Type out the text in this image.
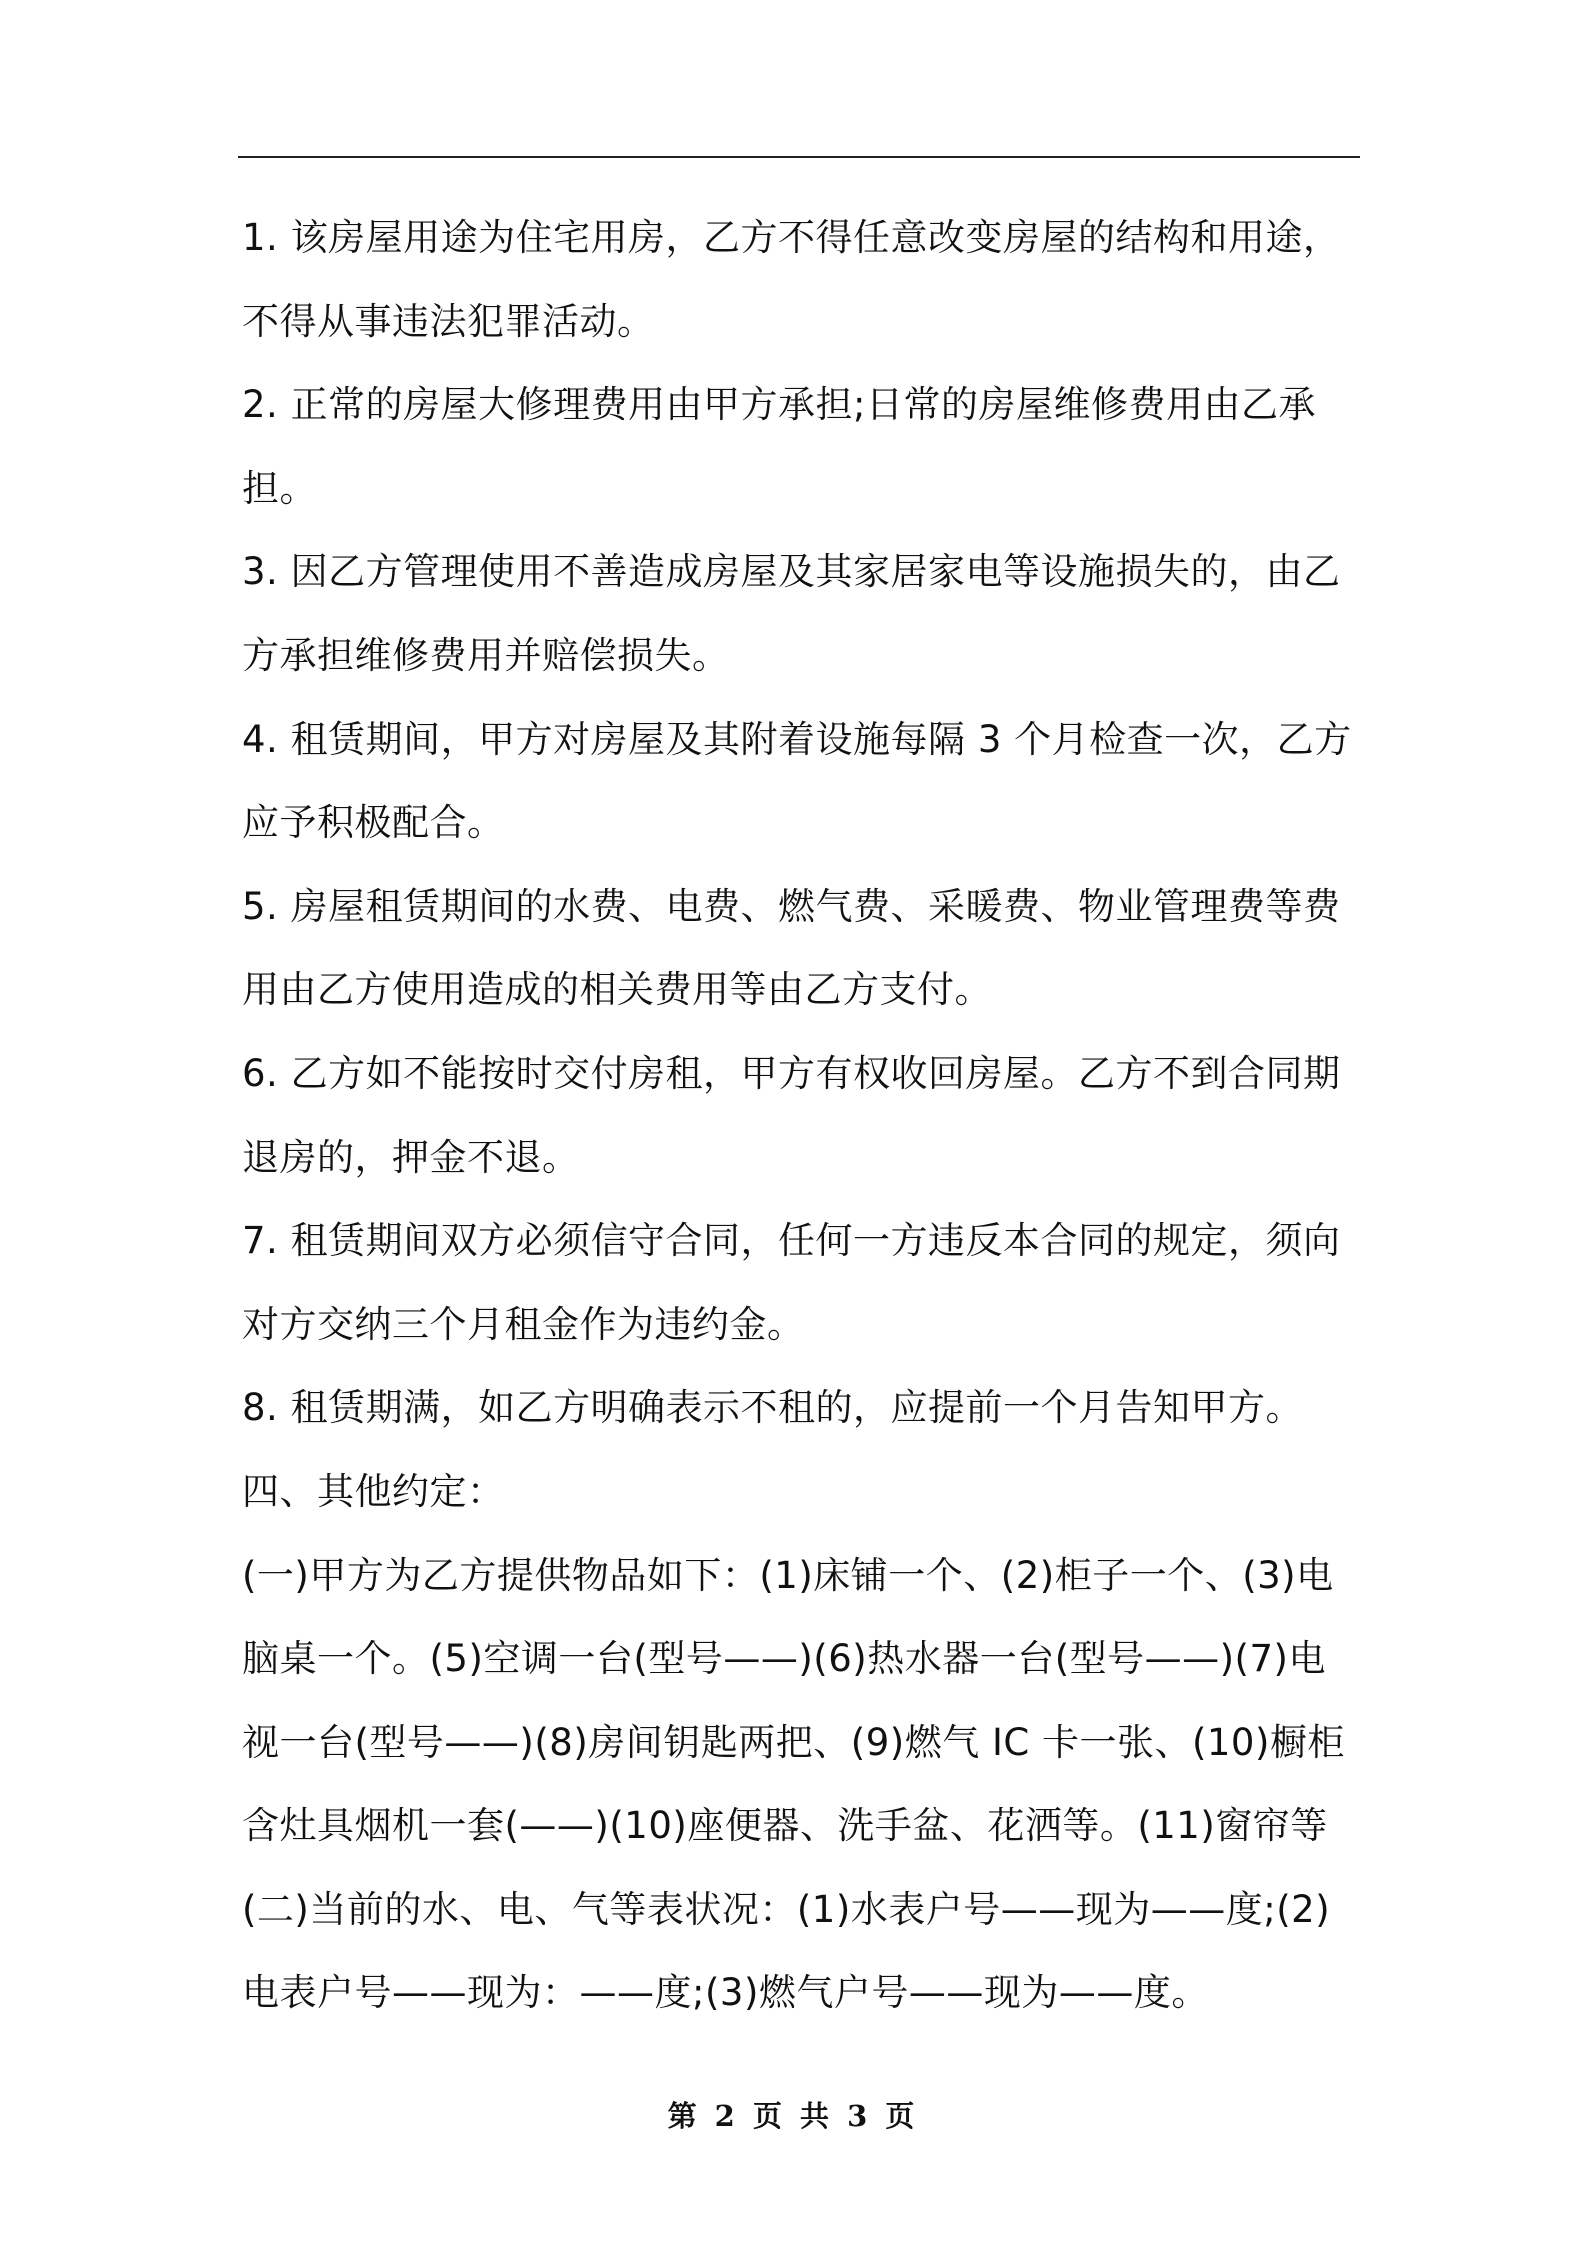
1. 该房屋用途为住宅用房，乙方不得任意改变房屋的结构和用途，不得从事违法犯罪活动。

2. 正常的房屋大修理费用由甲方承担;日常的房屋维修费用由乙承担。

3. 因乙方管理使用不善造成房屋及其家居家电等设施损失的，由乙方承担维修费用并赔偿损失。

4. 租赁期间，甲方对房屋及其附着设施每隔 3 个月检查一次，乙方应予积极配合。

5. 房屋租赁期间的水费、电费、燃气费、采暖费、物业管理费等费用由乙方使用造成的相关费用等由乙方支付。

6. 乙方如不能按时交付房租，甲方有权收回房屋。乙方不到合同期退房的，押金不退。

7. 租赁期间双方必须信守合同，任何一方违反本合同的规定，须向对方交纳三个月租金作为违约金。

8. 租赁期满，如乙方明确表示不租的，应提前一个月告知甲方。

四、其他约定：

(一)甲方为乙方提供物品如下：(1)床铺一个、(2)柜子一个、(3)电脑桌一个。(5)空调一台(型号——)(6)热水器一台(型号——)(7)电视一台(型号——)(8)房间钥匙两把、(9)燃气 IC 卡一张、(10)橱柜含灶具烟机一套(——)(10)座便器、洗手盆、花洒等。(11)窗帘等

(二)当前的水、电、气等表状况：(1)水表户号——现为——度;(2)电表户号——现为：——度;(3)燃气户号——现为——度。

第 2 页 共 3 页
